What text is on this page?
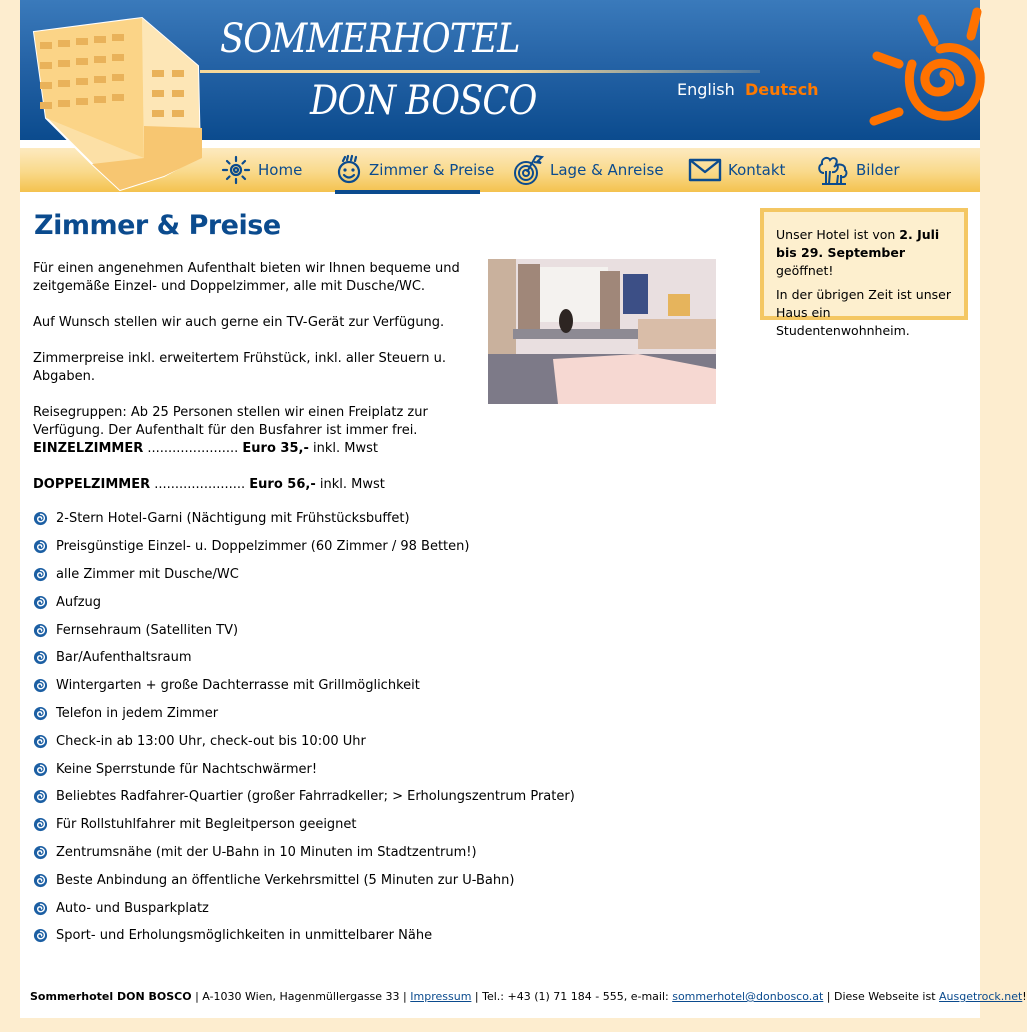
SOMMERHOTEL
DON BOSCO	English Deutsch
Home	Zimmer & Preise	Lage & Anreise	Kontakt	Bilder
Zimmer & Preise

Für einen angenehmen Aufenthalt bieten wir Ihnen bequeme und zeitgemäße Einzel- und Doppelzimmer, alle mit Dusche/WC.

Auf Wunsch stellen wir auch gerne ein TV-Gerät zur Verfügung.

Zimmerpreise inkl. erweitertem Frühstück, inkl. aller Steuern u. Abgaben.

Reisegruppen: Ab 25 Personen stellen wir einen Freiplatz zur Verfügung. Der Aufenthalt für den Busfahrer ist immer frei.

EINZELZIMMER ...................... Euro 35,- inkl. Mwst
DOPPELZIMMER ...................... Euro 56,- inkl. Mwst
2-Stern Hotel-Garni (Nächtigung mit Frühstücksbuffet)
Preisgünstige Einzel- u. Doppelzimmer (60 Zimmer / 98 Betten)
alle Zimmer mit Dusche/WC
Aufzug
Fernsehraum (Satelliten TV)
Bar/Aufenthaltsraum
Wintergarten + große Dachterrasse mit Grillmöglichkeit
Telefon in jedem Zimmer
Check-in ab 13:00 Uhr, check-out bis 10:00 Uhr
Keine Sperrstunde für Nachtschwärmer!
Beliebtes Radfahrer-Quartier (großer Fahrradkeller; > Erholungszentrum Prater)
Für Rollstuhlfahrer mit Begleitperson geeignet
Zentrumsnähe (mit der U-Bahn in 10 Minuten im Stadtzentrum!)
Beste Anbindung an öffentliche Verkehrsmittel (5 Minuten zur U-Bahn)
Auto- und Busparkplatz
Sport- und Erholungsmöglichkeiten in unmittelbarer Nähe

Unser Hotel ist von 2. Juli bis 29. September geöffnet!

In der übrigen Zeit ist unser Haus ein Studentenwohnheim.

Sommerhotel DON BOSCO | A-1030 Wien, Hagenmüllergasse 33 | Impressum | Tel.: +43 (1) 71 184 - 555, e-mail: sommerhotel@donbosco.at | Diese Webseite ist Ausgetrock.net!
